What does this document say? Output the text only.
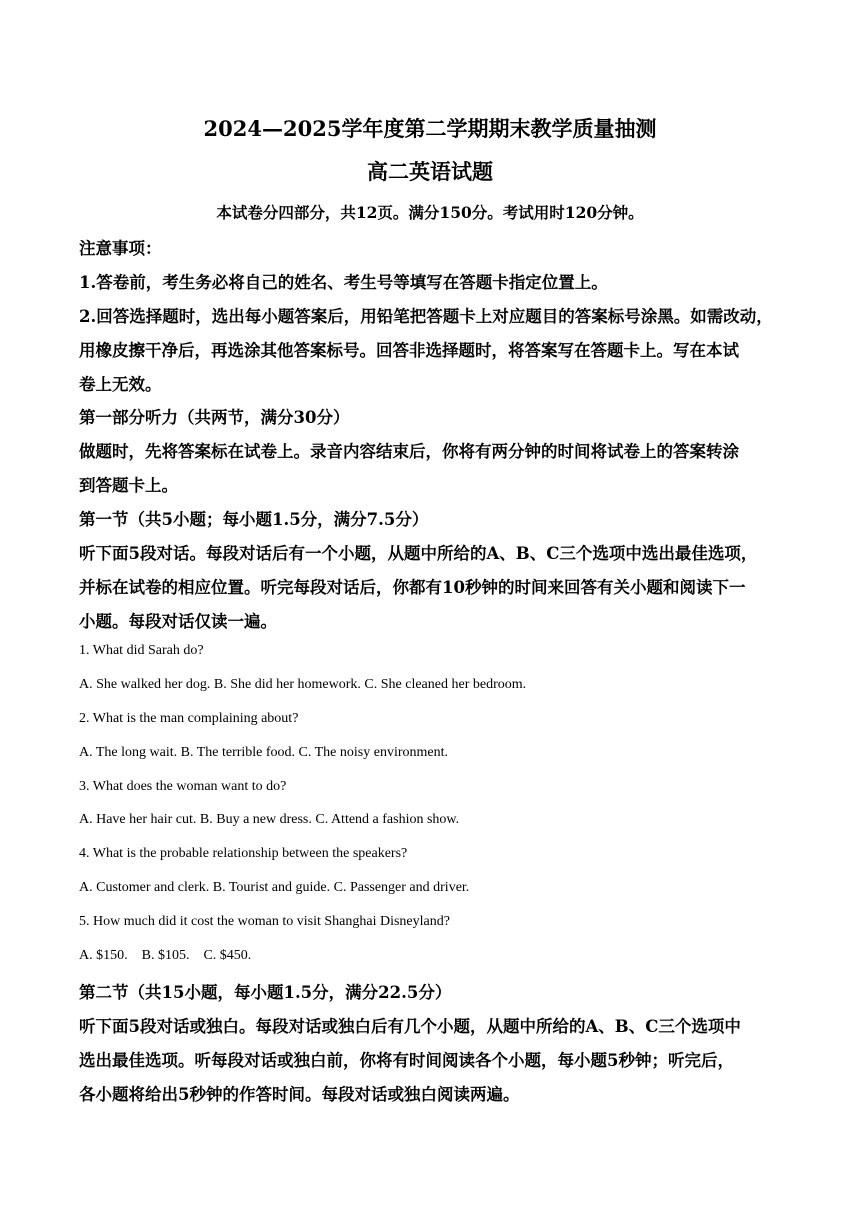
2024—2025学年度第二学期期末教学质量抽测
高二英语试题
本试卷分四部分，共12页。满分150分。考试用时120分钟。
注意事项：
1.答卷前，考生务必将自己的姓名、考生号等填写在答题卡指定位置上。
2.回答选择题时，选出每小题答案后，用铅笔把答题卡上对应题目的答案标号涂黑。如需改动，
用橡皮擦干净后，再选涂其他答案标号。回答非选择题时，将答案写在答题卡上。写在本试
卷上无效。
第一部分听力（共两节，满分30分）
做题时，先将答案标在试卷上。录音内容结束后，你将有两分钟的时间将试卷上的答案转涂
到答题卡上。
第一节（共5小题；每小题1.5分，满分7.5分）
听下面5段对话。每段对话后有一个小题，从题中所给的A、B、C三个选项中选出最佳选项，
并标在试卷的相应位置。听完每段对话后，你都有10秒钟的时间来回答有关小题和阅读下一
小题。每段对话仅读一遍。
1. What did Sarah do?
A. She walked her dog. B. She did her homework. C. She cleaned her bedroom.
2. What is the man complaining about?
A. The long wait. B. The terrible food. C. The noisy environment.
3. What does the woman want to do?
A. Have her hair cut. B. Buy a new dress. C. Attend a fashion show.
4. What is the probable relationship between the speakers?
A. Customer and clerk. B. Tourist and guide. C. Passenger and driver.
5. How much did it cost the woman to visit Shanghai Disneyland?
A. $150.    B. $105.    C. $450.
第二节（共15小题，每小题1.5分，满分22.5分）
听下面5段对话或独白。每段对话或独白后有几个小题，从题中所给的A、B、C三个选项中
选出最佳选项。听每段对话或独白前，你将有时间阅读各个小题，每小题5秒钟；听完后，
各小题将给出5秒钟的作答时间。每段对话或独白阅读两遍。
